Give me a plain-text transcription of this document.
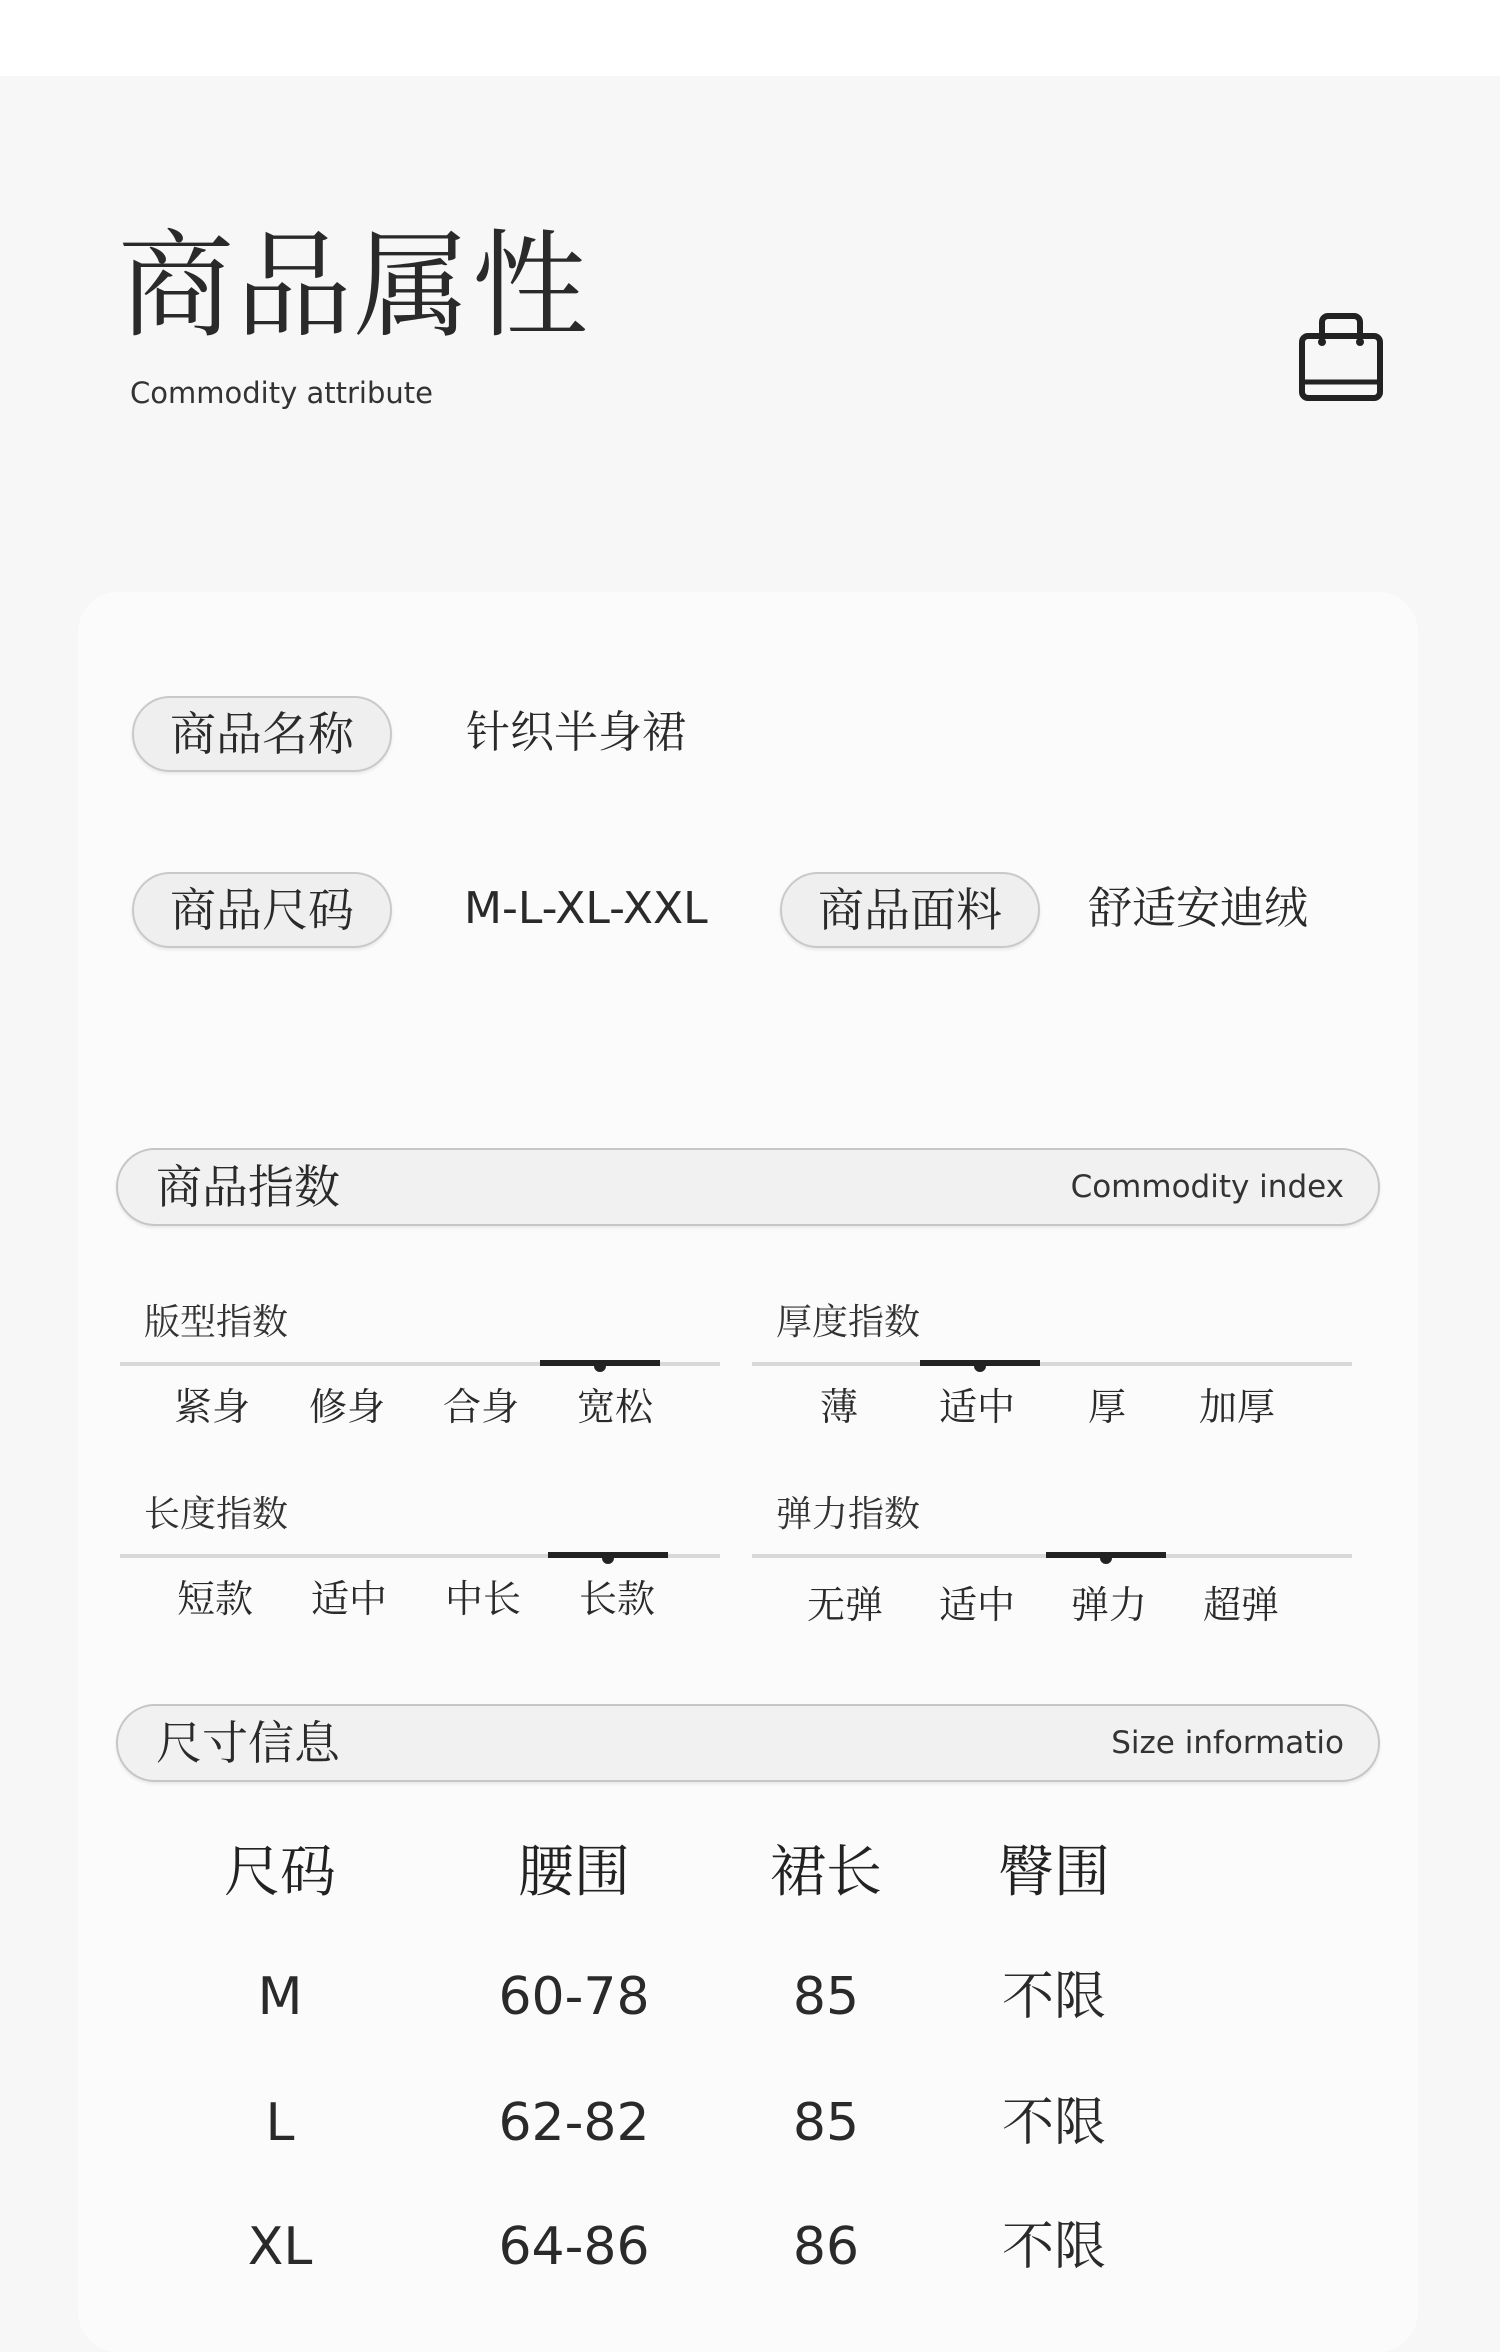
商品属性
Commodity attribute
商品名称	针织半身裙
商品尺码	M-L-XL-XXL	商品面料	舒适安迪绒
商品指数	Commodity index
版型指数
紧身	修身	合身	宽松
厚度指数
薄	适中	厚	加厚
长度指数
短款	适中	中长	长款
弹力指数
无弹	适中	弹力	超弹
尺寸信息	Size informatio
尺码	腰围	裙长	臀围
M	60-78	85	不限
L	62-82	85	不限
XL	64-86	86	不限
